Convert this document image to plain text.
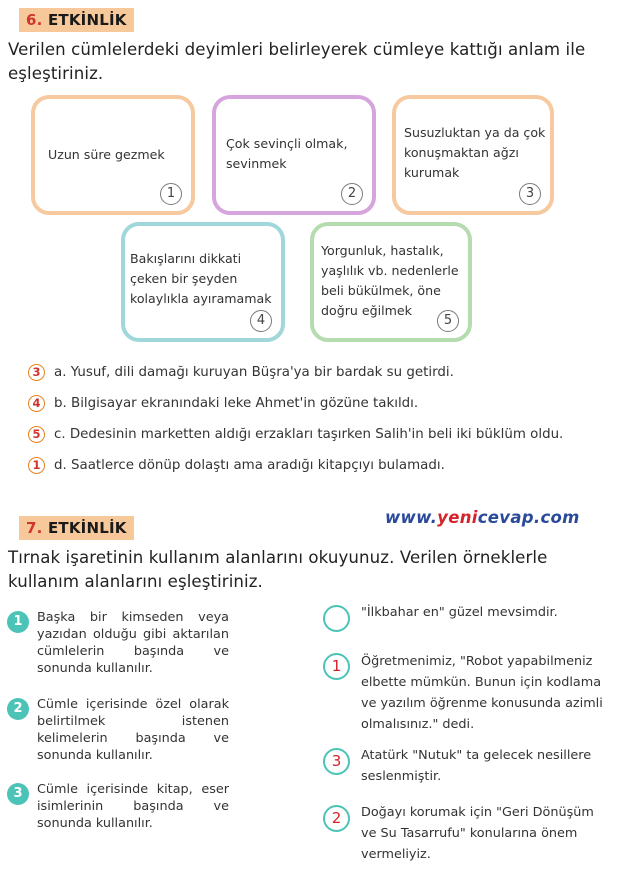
6. ETKİNLİK
Verilen cümlelerdeki deyimleri belirleyerek cümleye kattığı anlam ile eşleştiriniz.
Uzun süre gezmek
1
Çok sevinçli olmak, sevinmek
2
Susuzluktan ya da çok konuşmaktan ağzı kurumak
3
Bakışlarını dikkati çeken bir şeyden kolaylıkla ayıramamak
4
Yorgunluk, hastalık, yaşlılık vb. nedenlerle beli bükülmek, öne doğru eğilmek
5
3	a. Yusuf, dili damağı kuruyan Büşra'ya bir bardak su getirdi.
4	b. Bilgisayar ekranındaki leke Ahmet'in gözüne takıldı.
5	c. Dedesinin marketten aldığı erzakları taşırken Salih'in beli iki büklüm oldu.
1	d. Saatlerce dönüp dolaştı ama aradığı kitapçıyı bulamadı.
7. ETKİNLİK
www.yenicevap.com
Tırnak işaretinin kullanım alanlarını okuyunuz. Verilen örneklerle kullanım alanlarını eşleştiriniz.
1	Başka bir kimseden veya yazıdan olduğu gibi aktarılan cümlelerin başında ve sonunda kullanılır.
2	Cümle içerisinde özel olarak belirtilmek istenen kelimelerin başında ve sonunda kullanılır.
3	Cümle içerisinde kitap, eser isimlerinin başında ve sonunda kullanılır.
"İlkbahar en" güzel mevsimdir.
1	Öğretmenimiz, "Robot yapabilmeniz elbette mümkün. Bunun için kodlama ve yazılım öğrenme konusunda azimli olmalısınız." dedi.
3	Atatürk "Nutuk" ta gelecek nesillere seslenmiştir.
2	Doğayı korumak için "Geri Dönüşüm ve Su Tasarrufu" konularına önem vermeliyiz.
